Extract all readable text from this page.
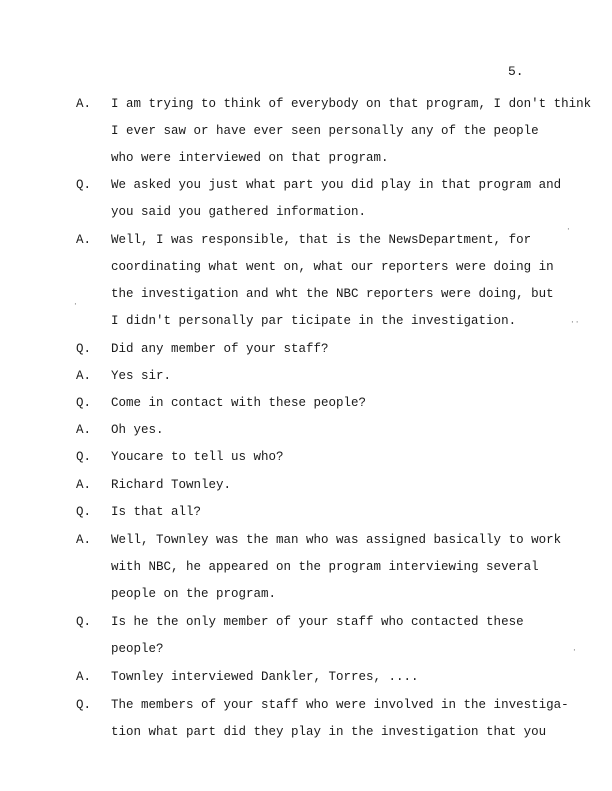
5.
A. I am trying to think of everybody on that program, I don't think
I ever saw or have ever seen personally any of the people
who were interviewed on that program.
Q. We asked you just what part you did play in that program and
you said you gathered information.
A. Well, I was responsible, that is the NewsDepartment, for
coordinating what went on, what our reporters were doing in
the investigation and wht the NBC reporters were doing, but
I didn't personally par ticipate in the investigation.
Q. Did any member of your staff?
A. Yes sir.
Q. Come in contact with these people?
A. Oh yes.
Q. Youcare to tell us who?
A. Richard Townley.
Q. Is that all?
A. Well, Townley was the man who was assigned basically to work
with NBC, he appeared on the program interviewing several
people on the program.
Q. Is he the only member of your staff who contacted these
people?
A. Townley interviewed Dankler, Torres, ....
Q. The members of your staff who were involved in the investiga-
tion what part did they play in the investigation that you
·
·
··
·
